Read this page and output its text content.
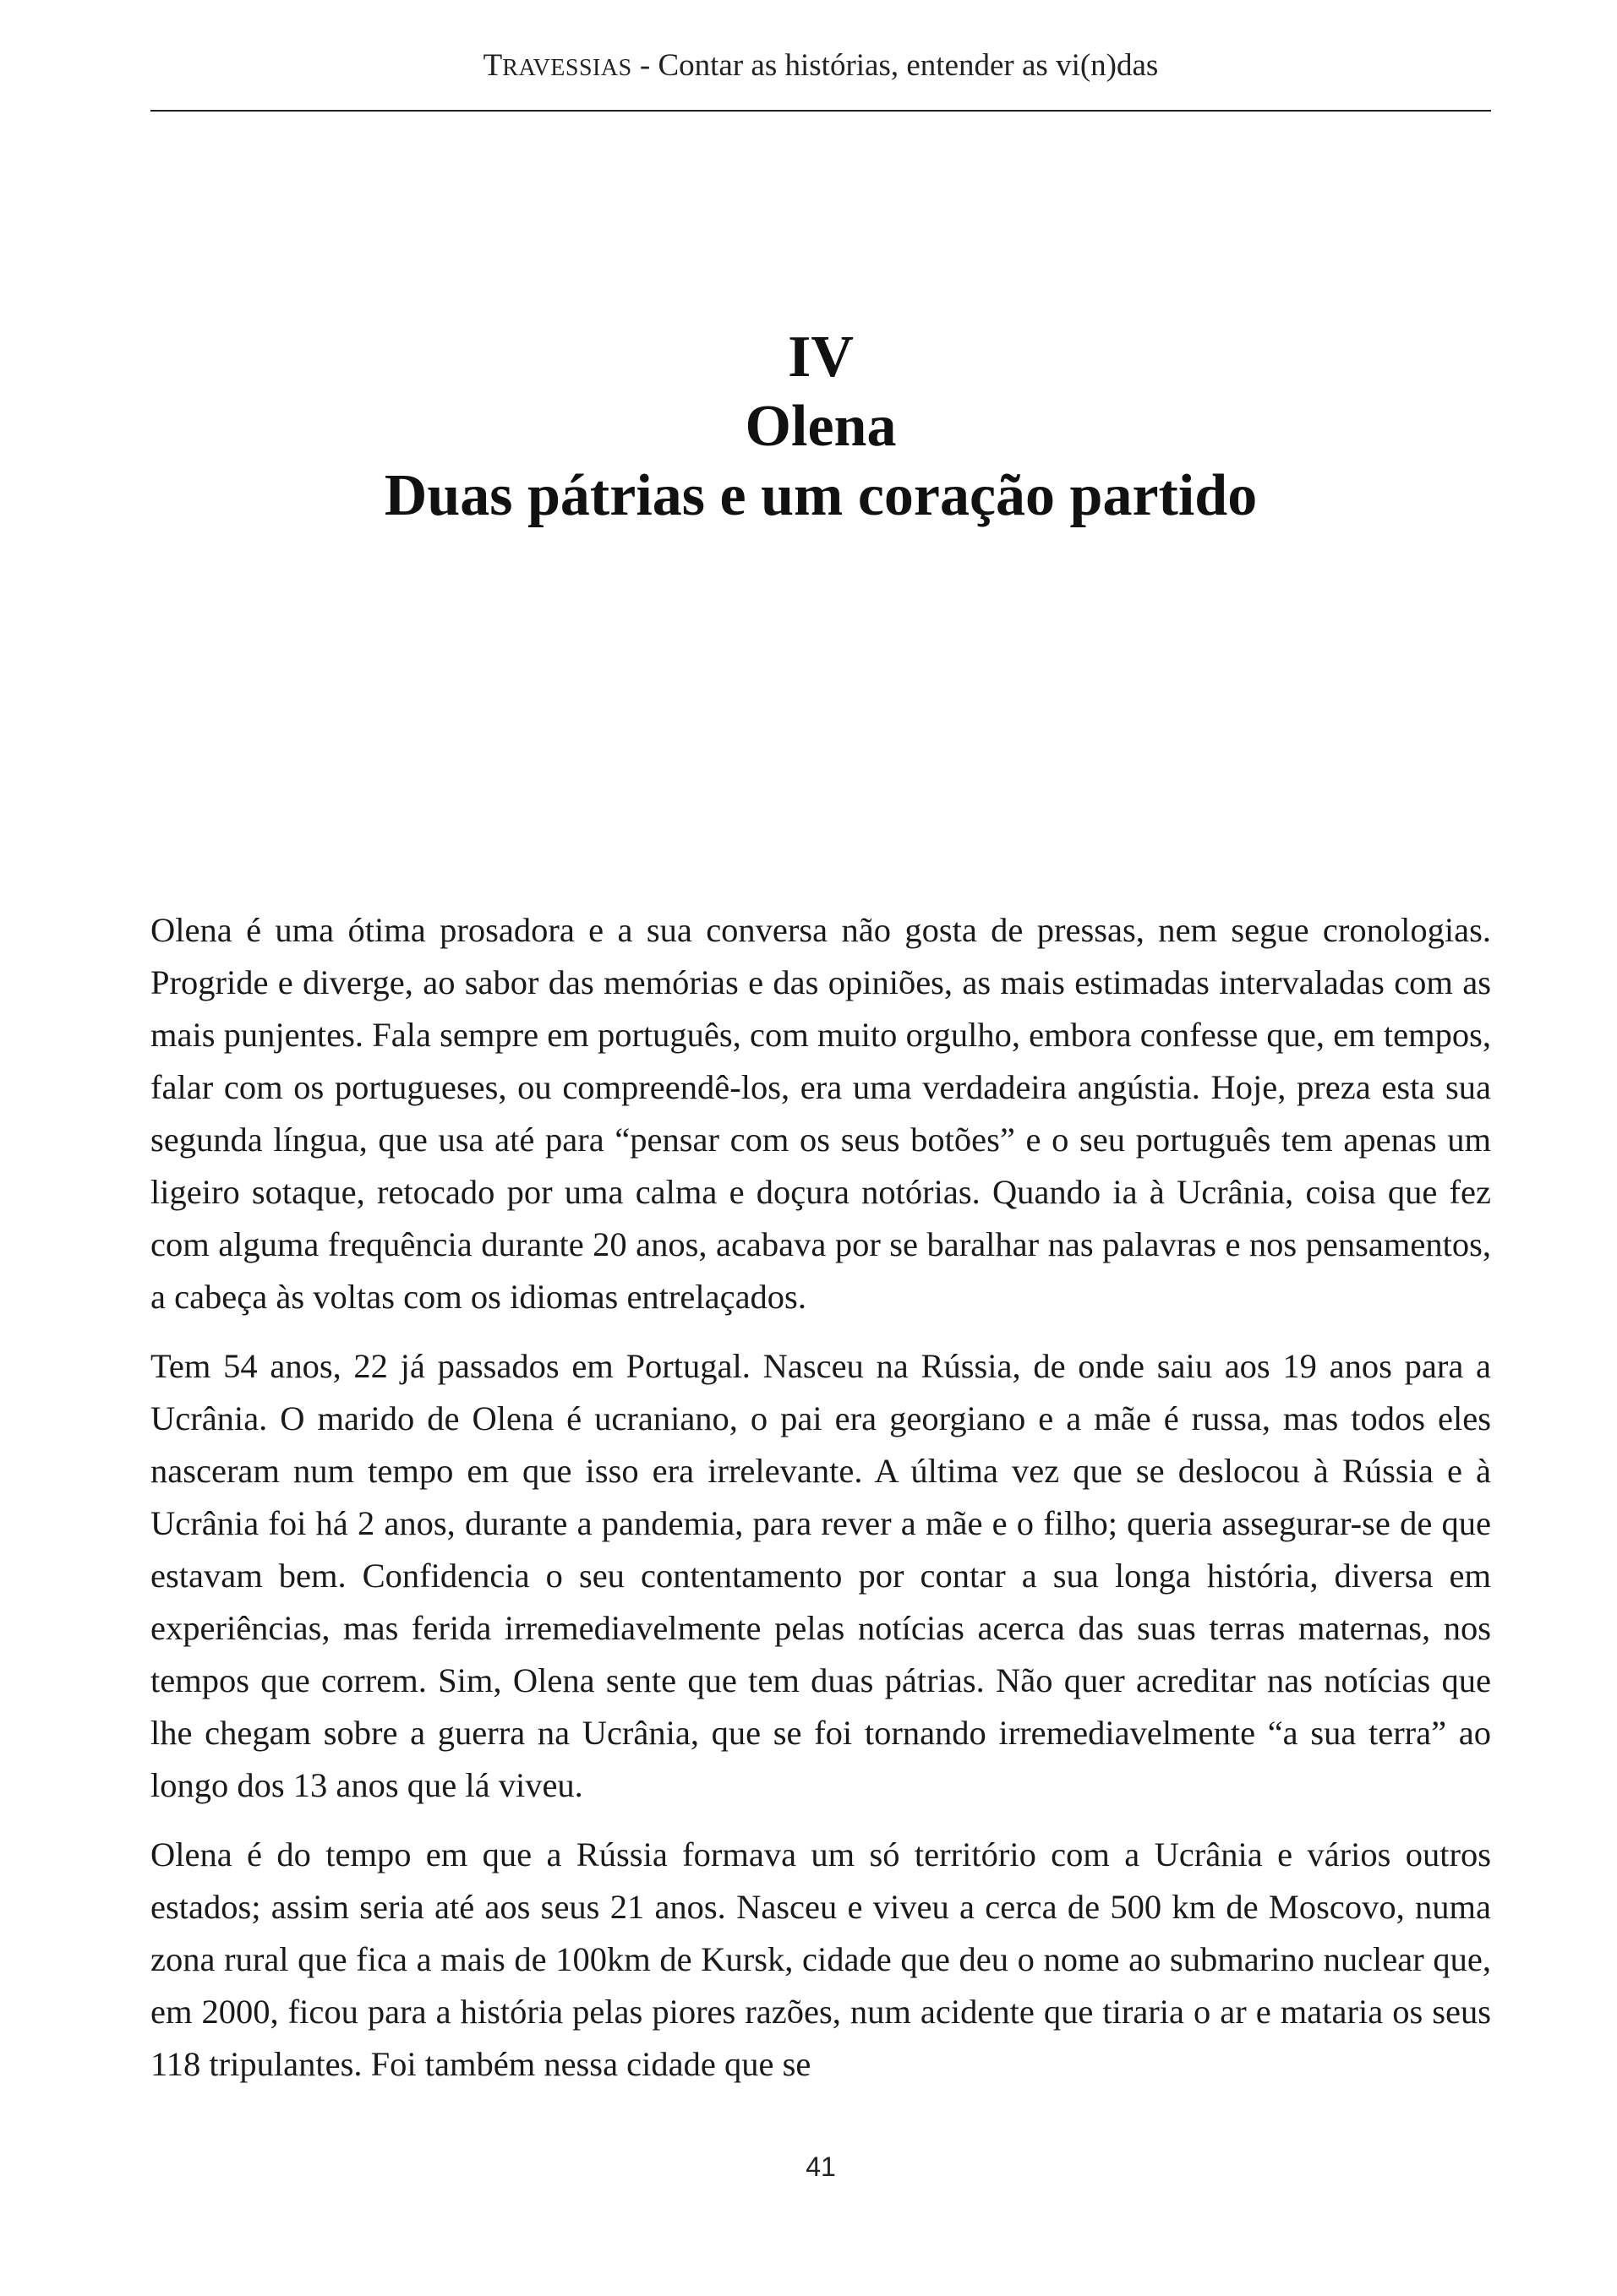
TRAVESSIAS - Contar as histórias, entender as vi(n)das
IV
Olena
Duas pátrias e um coração partido

Olena é uma ótima prosadora e a sua conversa não gosta de pressas, nem segue cronologias. Progride e diverge, ao sabor das memórias e das opiniões, as mais estimadas intervaladas com as mais punjentes. Fala sempre em português, com muito orgulho, embora confesse que, em tempos, falar com os portugueses, ou compreendê-los, era uma verdadeira angústia. Hoje, preza esta sua segunda língua, que usa até para “pensar com os seus botões” e o seu português tem apenas um ligeiro sotaque, retocado por uma calma e doçura notórias. Quando ia à Ucrânia, coisa que fez com alguma frequência durante 20 anos, acabava por se baralhar nas palavras e nos pensamentos, a cabeça às voltas com os idiomas entrelaçados.

Tem 54 anos, 22 já passados em Portugal. Nasceu na Rússia, de onde saiu aos 19 anos para a Ucrânia. O marido de Olena é ucraniano, o pai era georgiano e a mãe é russa, mas todos eles nasceram num tempo em que isso era irrelevante. A última vez que se deslocou à Rússia e à Ucrânia foi há 2 anos, durante a pandemia, para rever a mãe e o filho; queria assegurar-se de que estavam bem. Confidencia o seu contentamento por contar a sua longa história, diversa em experiências, mas ferida irremediavelmente pelas notícias acerca das suas terras maternas, nos tempos que correm. Sim, Olena sente que tem duas pátrias. Não quer acreditar nas notícias que lhe chegam sobre a guerra na Ucrânia, que se foi tornando irremediavelmente “a sua terra” ao longo dos 13 anos que lá viveu.

Olena é do tempo em que a Rússia formava um só território com a Ucrânia e vários outros estados; assim seria até aos seus 21 anos. Nasceu e viveu a cerca de 500 km de Moscovo, numa zona rural que fica a mais de 100km de Kursk, cidade que deu o nome ao submarino nuclear que, em 2000, ficou para a história pelas piores razões, num acidente que tiraria o ar e mataria os seus 118 tripulantes. Foi também nessa cidade que se

41
